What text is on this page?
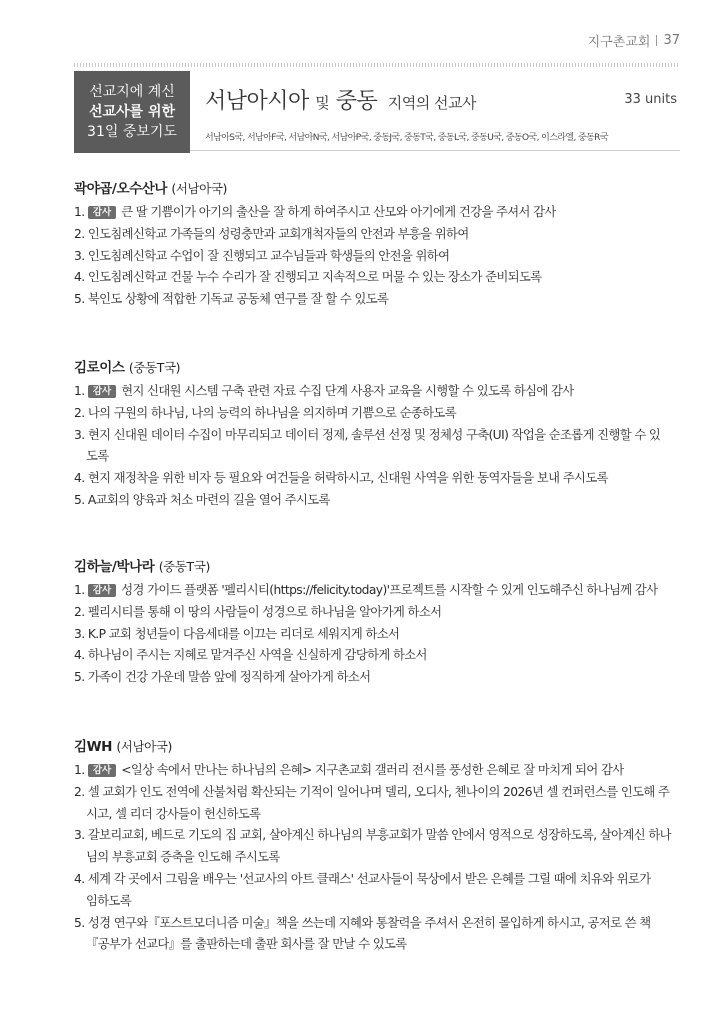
지구촌교회 37
선교지에 계신
선교사를 위한
31일 중보기도
서남아시아 및 중동 지역의 선교사	33 units
서남아S국, 서남아F국, 서남아N국, 서남아P국, 중동J국, 중동T국, 중동L국, 중동U국, 중동O국, 이스라엘, 중동R국
곽야곱/오수산나 (서남아국)
1. 감사 큰 딸 기쁨이가 아기의 출산을 잘 하게 하여주시고 산모와 아기에게 건강을 주셔서 감사
2. 인도침례신학교 가족들의 성령충만과 교회개척자들의 안전과 부흥을 위하여
3. 인도침례신학교 수업이 잘 진행되고 교수님들과 학생들의 안전을 위하여
4. 인도침례신학교 건물 누수 수리가 잘 진행되고 지속적으로 머물 수 있는 장소가 준비되도록
5. 북인도 상황에 적합한 기독교 공동체 연구를 잘 할 수 있도록
김로이스 (중동T국)
1. 감사 현지 신대원 시스템 구축 관련 자료 수집 단계 사용자 교육을 시행할 수 있도록 하심에 감사
2. 나의 구원의 하나님, 나의 능력의 하나님을 의지하며 기쁨으로 순종하도록
3. 현지 신대원 데이터 수집이 마무리되고 데이터 정제, 솔루션 선정 및 정체성 구축(UI) 작업을 순조롭게 진행할 수 있도록
4. 현지 재정착을 위한 비자 등 필요와 여건들을 허락하시고, 신대원 사역을 위한 동역자들을 보내 주시도록
5. A교회의 양육과 처소 마련의 길을 열어 주시도록
김하늘/박나라 (중동T국)
1. 감사 성경 가이드 플랫폼 '펠리시티(https://felicity.today)'프로젝트를 시작할 수 있게 인도해주신 하나님께 감사
2. 펠리시티를 통해 이 땅의 사람들이 성경으로 하나님을 알아가게 하소서
3. K.P 교회 청년들이 다음세대를 이끄는 리더로 세워지게 하소서
4. 하나님이 주시는 지혜로 맡겨주신 사역을 신실하게 감당하게 하소서
5. 가족이 건강 가운데 말씀 앞에 정직하게 살아가게 하소서
김WH (서남아국)
1. 감사 <일상 속에서 만나는 하나님의 은혜> 지구촌교회 갤러리 전시를 풍성한 은혜로 잘 마치게 되어 감사
2. 셀 교회가 인도 전역에 산불처럼 확산되는 기적이 일어나며 델리, 오디사, 첸나이의 2026년 셀 컨퍼런스를 인도해 주시고, 셀 리더 강사들이 헌신하도록
3. 갈보리교회, 베드로 기도의 집 교회, 살아계신 하나님의 부흥교회가 말씀 안에서 영적으로 성장하도록, 살아계신 하나님의 부흥교회 증축을 인도해 주시도록
4. 세계 각 곳에서 그림을 배우는 '선교사의 아트 클래스' 선교사들이 묵상에서 받은 은혜를 그릴 때에 치유와 위로가 임하도록
5. 성경 연구와『포스트모더니즘 미술』책을 쓰는데 지혜와 통찰력을 주셔서 온전히 몰입하게 하시고, 공저로 쓴 책 『공부가 선교다』를 출판하는데 출판 회사를 잘 만날 수 있도록
